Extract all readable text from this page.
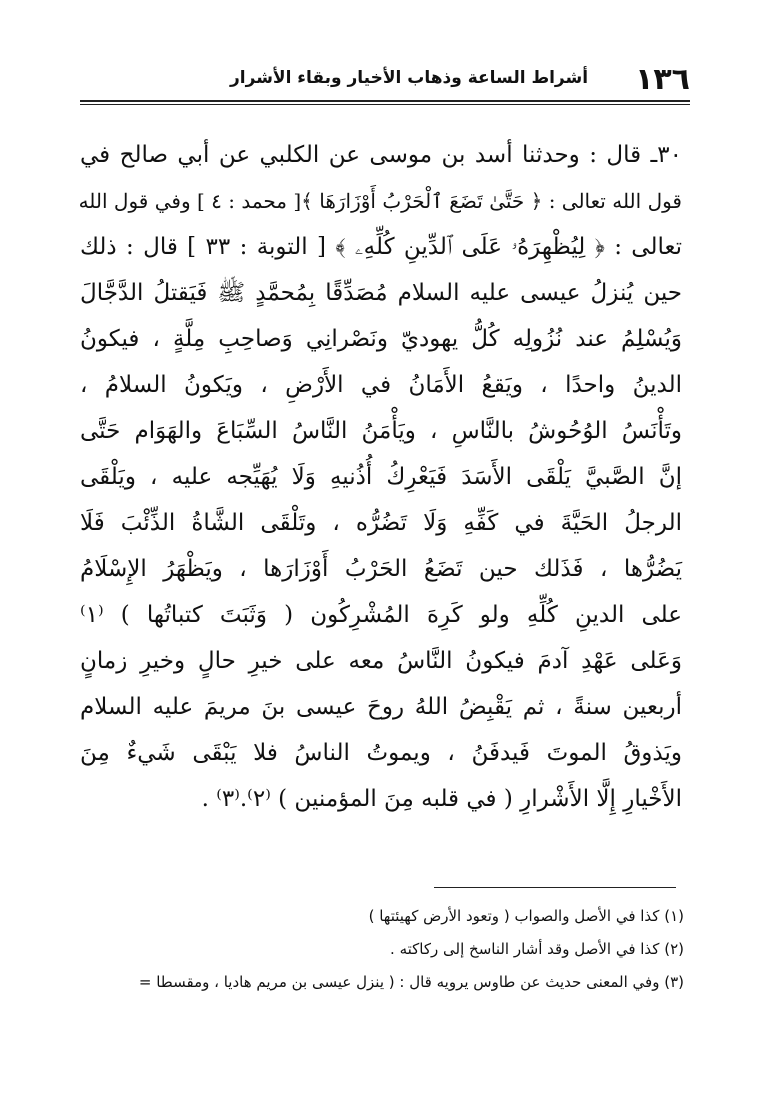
١٣٦
أشراط الساعة وذهاب الأخيار وبقاء الأشرار
٣٠ـ قال : وحدثنا أسد بن موسى عن الكلبي عن أبي صالح في
قول الله تعالى : ﴿ حَتَّىٰ تَضَعَ ٱلْحَرْبُ أَوْزَارَهَا ﴾[ محمد : ٤ ] وفي قول الله
تعالى : ﴿ لِيُظْهِرَهُۥ عَلَى ٱلدِّينِ كُلِّهِۦ ﴾ [ التوبة : ٣٣ ] قال : ذلك
حين يُنزلُ عيسى عليه السلام مُصَدِّقًا بِمُحمَّدٍ ﷺ فَيَقتلُ الدَّجَّالَ
وَيُسْلِمُ عند نُزُولِه كُلُّ يهوديّ ونَصْرانِي وَصاحِبِ مِلَّةٍ ، فيكونُ
الدينُ واحدًا ، ويَقعُ الأَمَانُ في الأَرْضِ ، ويَكونُ السلامُ ،
وتَأْنَسُ الوُحُوشُ بالنَّاسِ ، ويَأْمَنُ النَّاسُ السِّبَاعَ والهَوَام حَتَّى
إنَّ الصَّبيَّ يَلْقَى الأَسَدَ فَيَعْرِكُ أُذُنيهِ وَلَا يُهَيِّجه عليه ، ويَلْقَى
الرجلُ الحَيَّةَ في كَفِّهِ وَلَا تَضُرُّه ، وتَلْقَى الشَّاةُ الذِّئْبَ فَلَا
يَضُرُّها ، فَذَلك حين تَضَعُ الحَرْبُ أَوْزَارَها ، ويَظْهَرُ الإِسْلَامُ
على الدينِ كُلِّهِ ولو كَرِهَ المُشْرِكُون ( وَثَبَتَ كتباتُها ) ⁽١⁾
وَعَلى عَهْدِ آدمَ فيكونُ النَّاسُ معه على خيرِ حالٍ وخيرِ زمانٍ
أربعين سنةً ، ثم يَقْبِضُ اللهُ روحَ عيسى بنَ مريمَ عليه السلام
ويَذوقُ الموتَ فَيدفَنُ ، ويموتُ الناسُ فلا يَبْقَى شَيءٌ مِنَ
الأَخْيارِ إِلَّا الأَشْرارِ ( في قلبه مِنَ المؤمنين ) ⁽٢⁾.⁽٣⁾ .
(١) كذا في الأصل والصواب ( وتعود الأرض كهيئتها )
(٢) كذا في الأصل وقد أشار الناسخ إلى ركاكته .
(٣) وفي المعنى حديث عن طاوس يرويه قال : ( ينزل عيسى بن مريم هاديا ، ومقسطا =
